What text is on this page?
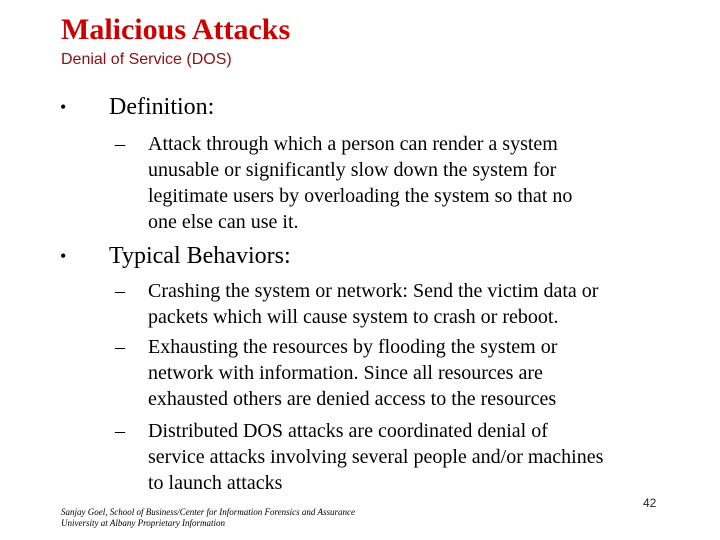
Malicious Attacks
Denial of Service (DOS)
• Definition:
– Attack through which a person can render a system
unusable or significantly slow down the system for
legitimate users by overloading the system so that no
one else can use it.
• Typical Behaviors:
– Crashing the system or network: Send the victim data or
packets which will cause system to crash or reboot.
– Exhausting the resources by flooding the system or
network with information. Since all resources are
exhausted others are denied access to the resources
– Distributed DOS attacks are coordinated denial of
service attacks involving several people and/or machines
to launch attacks
Sanjay Goel, School of Business/Center for Information Forensics and Assurance
University at Albany Proprietary Information
42
